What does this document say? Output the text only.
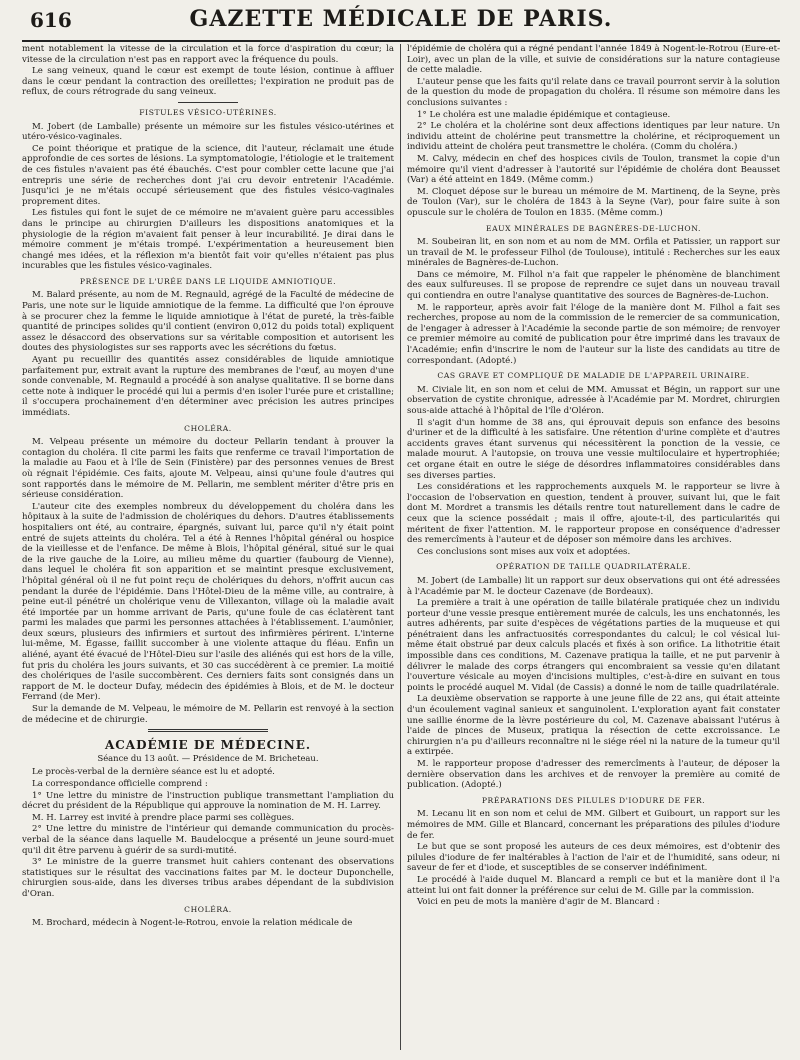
616	GAZETTE MÉDICALE DE PARIS.

ment notablement la vitesse de la circulation et la force d'aspiration du cœur; la vitesse de la circulation n'est pas en rapport avec la fréquence du pouls.

Le sang veineux, quand le cœur est exempt de toute lésion, continue à affluer dans le cœur pendant la contraction des oreillettes; l'expiration ne produit pas de reflux, de cours rétrograde du sang veineux.

FISTULES VÉSICO-UTÉRINES.

M. Jobert (de Lamballe) présente un mémoire sur les fistules vésico-utérines et utéro-vésico-vaginales.

Ce point théorique et pratique de la science, dit l'auteur, réclamait une étude approfondie de ces sortes de lésions. La symptomatologie, l'étiologie et le traitement de ces fistules n'avaient pas été ébauchés. C'est pour combler cette lacune que j'ai entrepris une série de recherches dont j'ai cru devoir entretenir l'Académie. Jusqu'ici je ne m'étais occupé sérieusement que des fistules vésico-vaginales proprement dites.

Les fistules qui font le sujet de ce mémoire ne m'avaient guère paru accessibles dans le principe au chirurgien D'ailleurs les dispositions anatomiques et la physiologie de la région m'avaient fait penser à leur incurabilité. Je dirai dans le mémoire comment je m'étais trompé. L'expérimentation a heureusement bien changé mes idées, et la réflexion m'a bientôt fait voir qu'elles n'étaient pas plus incurables que les fistules vésico-vaginales.

PRÉSENCE DE L'URÉE DANS LE LIQUIDE AMNIOTIQUE.

M. Balard présente, au nom de M. Regnauld, agrégé de la Faculté de médecine de Paris, une note sur le liquide amniotique de la femme. La difficulté que l'on éprouve à se procurer chez la femme le liquide amniotique à l'état de pureté, la très-faible quantité de principes solides qu'il contient (environ 0,012 du poids total) expliquent assez le désaccord des observations sur sa véritable composition et autorisent les doutes des physiologistes sur ses rapports avec les sécrétions du fœtus.

Ayant pu recueillir des quantités assez considérables de liquide amniotique parfaitement pur, extrait avant la rupture des membranes de l'œuf, au moyen d'une sonde convenable, M. Regnauld a procédé à son analyse qualitative. Il se borne dans cette note à indiquer le procédé qui lui a permis d'en isoler l'urée pure et cristalline; il s'occupera prochainement d'en déterminer avec précision les autres principes immédiats.

CHOLÉRA.

M. Velpeau présente un mémoire du docteur Pellarin tendant à prouver la contagion du choléra. Il cite parmi les faits que renferme ce travail l'importation de la maladie au Faou et à l'île de Sein (Finistère) par des personnes venues de Brest où régnait l'épidémie. Ces faits, ajoute M. Velpeau, ainsi qu'une foule d'autres qui sont rapportés dans le mémoire de M. Pellarin, me semblent mériter d'être pris en sérieuse considération.

L'auteur cite des exemples nombreux du développement du choléra dans les hôpitaux à la suite de l'admission de cholériques du dehors. D'autres établissements hospitaliers ont été, au contraire, épargnés, suivant lui, parce qu'il n'y était point entré de sujets atteints du choléra. Tel a été à Rennes l'hôpital général ou hospice de la vieillesse et de l'enfance. De même à Blois, l'hôpital général, situé sur le quai de la rive gauche de la Loire, au milieu même du quartier (faubourg de Vienne), dans lequel le choléra fit son apparition et se maintint presque exclusivement, l'hôpital général où il ne fut point reçu de cholériques du dehors, n'offrit aucun cas pendant la durée de l'épidémie. Dans l'Hôtel-Dieu de la même ville, au contraire, à peine eut-il pénétré un cholérique venu de Villexanton, village où la maladie avait été importée par un homme arrivant de Paris, qu'une foule de cas éclatèrent tant parmi les malades que parmi les personnes attachées à l'établissement. L'aumônier, deux sœurs, plusieurs des infirmiers et surtout des infirmières périrent. L'interne lui-même, M. Égasse, faillit succomber à une violente attaque du fléau. Enfin un aliéné, ayant été évacué de l'Hôtel-Dieu sur l'asile des aliénés qui est hors de la ville, fut pris du choléra les jours suivants, et 30 cas succédèrent à ce premier. La moitié des cholériques de l'asile succombèrent. Ces derniers faits sont consignés dans un rapport de M. le docteur Dufay, médecin des épidémies à Blois, et de M. le docteur Ferrand (de Mer).

Sur la demande de M. Velpeau, le mémoire de M. Pellarin est renvoyé à la section de médecine et de chirurgie.

ACADÉMIE DE MÉDECINE.
Séance du 13 août. — Présidence de M. Bricheteau.

Le procès-verbal de la dernière séance est lu et adopté.

La correspondance officielle comprend :

1° Une lettre du ministre de l'instruction publique transmettant l'ampliation du décret du président de la République qui approuve la nomination de M. H. Larrey.

M. H. Larrey est invité à prendre place parmi ses collègues.

2° Une lettre du ministre de l'intérieur qui demande communication du procès-verbal de la séance dans laquelle M. Baudelocque a présenté un jeune sourd-muet qu'il dit être parvenu à guérir de sa surdi-mutité.

3° Le ministre de la guerre transmet huit cahiers contenant des observations statistiques sur le résultat des vaccinations faites par M. le docteur Duponchelle, chirurgien sous-aide, dans les diverses tribus arabes dépendant de la subdivision d'Oran.

CHOLÉRA.

M. Brochard, médecin à Nogent-le-Rotrou, envoie la relation médicale de

l'épidémie de choléra qui a régné pendant l'année 1849 à Nogent-le-Rotrou (Eure-et-Loir), avec un plan de la ville, et suivie de considérations sur la nature contagieuse de cette maladie.

L'auteur pense que les faits qu'il relate dans ce travail pourront servir à la solution de la question du mode de propagation du choléra. Il résume son mémoire dans les conclusions suivantes :

1° Le choléra est une maladie épidémique et contagieuse.

2° Le choléra et la cholérine sont deux affections identiques par leur nature. Un individu atteint de cholérine peut transmettre la cholérine, et réciproquement un individu atteint de choléra peut transmettre le choléra. (Comm du choléra.)

M. Calvy, médecin en chef des hospices civils de Toulon, transmet la copie d'un mémoire qu'il vient d'adresser à l'autorité sur l'épidémie de choléra dont Beausset (Var) a été atteint en 1849. (Même comm.)

M. Cloquet dépose sur le bureau un mémoire de M. Martinenq, de la Seyne, près de Toulon (Var), sur le choléra de 1843 à la Seyne (Var), pour faire suite à son opuscule sur le choléra de Toulon en 1835. (Même comm.)

EAUX MINÉRALES DE BAGNÈRES-DE-LUCHON.

M. Soubeiran lit, en son nom et au nom de MM. Orfila et Patissier, un rapport sur un travail de M. le professeur Filhol (de Toulouse), intitulé : Recherches sur les eaux minérales de Bagnères-de-Luchon.

Dans ce mémoire, M. Filhol n'a fait que rappeler le phénomène de blanchiment des eaux sulfureuses. Il se propose de reprendre ce sujet dans un nouveau travail qui contiendra en outre l'analyse quantitative des sources de Bagnères-de-Luchon.

M. le rapporteur, après avoir fait l'éloge de la manière dont M. Filhol a fait ses recherches, propose au nom de la commission de le remercier de sa communication, de l'engager à adresser à l'Académie la seconde partie de son mémoire; de renvoyer ce premier mémoire au comité de publication pour être imprimé dans les travaux de l'Académie; enfin d'inscrire le nom de l'auteur sur la liste des candidats au titre de correspondant. (Adopté.)

CAS GRAVE ET COMPLIQUÉ DE MALADIE DE L'APPAREIL URINAIRE.

M. Civiale lit, en son nom et celui de MM. Amussat et Bégin, un rapport sur une observation de cystite chronique, adressée à l'Académie par M. Mordret, chirurgien sous-aide attaché à l'hôpital de l'île d'Oléron.

Il s'agit d'un homme de 38 ans, qui éprouvait depuis son enfance des besoins d'uriner et de la difficulté à les satisfaire. Une rétention d'urine complète et d'autres accidents graves étant survenus qui nécessitèrent la ponction de la vessie, ce malade mourut. A l'autopsie, on trouva une vessie multiloculaire et hypertrophiée; cet organe était en outre le siége de désordres inflammatoires considérables dans ses diverses parties.

Les considérations et les rapprochements auxquels M. le rapporteur se livre à l'occasion de l'observation en question, tendent à prouver, suivant lui, que le fait dont M. Mordret a transmis les détails rentre tout naturellement dans le cadre de ceux que la science possédait ; mais il offre, ajoute-t-il, des particularités qui méritent de fixer l'attention. M. le rapporteur propose en conséquence d'adresser des remercîments à l'auteur et de déposer son mémoire dans les archives.

Ces conclusions sont mises aux voix et adoptées.

OPÉRATION DE TAILLE QUADRILATÉRALE.

M. Jobert (de Lamballe) lit un rapport sur deux observations qui ont été adressées à l'Académie par M. le docteur Cazenave (de Bordeaux).

La première a trait à une opération de taille bilatérale pratiquée chez un individu porteur d'une vessie presque entièrement murée de calculs, les uns enchatonnés, les autres adhérents, par suite d'espèces de végétations parties de la muqueuse et qui pénétraient dans les anfractuosités correspondantes du calcul; le col vésical lui-même était obstrué par deux calculs placés et fixés à son orifice. La lithotritie était impossible dans ces conditions, M. Cazenave pratiqua la taille, et ne put parvenir à délivrer le malade des corps étrangers qui encombraient sa vessie qu'en dilatant l'ouverture vésicale au moyen d'incisions multiples, c'est-à-dire en suivant en tous points le procédé auquel M. Vidal (de Cassis) a donné le nom de taille quadrilatérale.

La deuxième observation se rapporte à une jeune fille de 22 ans, qui était atteinte d'un écoulement vaginal sanieux et sanguinolent. L'exploration ayant fait constater une saillie énorme de la lèvre postérieure du col, M. Cazenave abaissant l'utérus à l'aide de pinces de Museux, pratiqua la résection de cette excroissance. Le chirurgien n'a pu d'ailleurs reconnaître ni le siége réel ni la nature de la tumeur qu'il a extirpée.

M. le rapporteur propose d'adresser des remercîments à l'auteur, de déposer la dernière observation dans les archives et de renvoyer la première au comité de publication. (Adopté.)

PRÉPARATIONS DES PILULES D'IODURE DE FER.

M. Lecanu lit en son nom et celui de MM. Gilbert et Guibourt, un rapport sur les mémoires de MM. Gille et Blancard, concernant les préparations des pilules d'iodure de fer.

Le but que se sont proposé les auteurs de ces deux mémoires, est d'obtenir des pilules d'iodure de fer inaltérables à l'action de l'air et de l'humidité, sans odeur, ni saveur de fer et d'iode, et susceptibles de se conserver indéfiniment.

Le procédé à l'aide duquel M. Blancard a rempli ce but et la manière dont il l'a atteint lui ont fait donner la préférence sur celui de M. Gille par la commission.

Voici en peu de mots la manière d'agir de M. Blancard :
